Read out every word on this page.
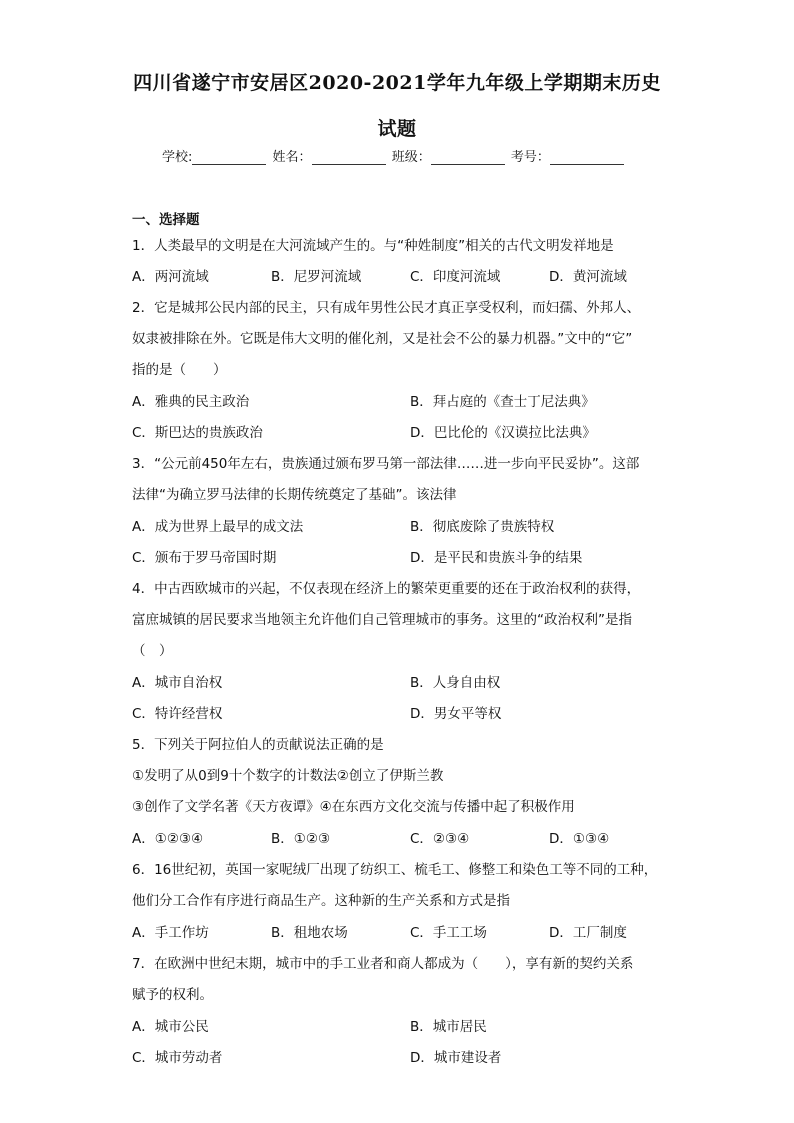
四川省遂宁市安居区2020-2021学年九年级上学期期末历史
试题
学校:	姓名：	班级：	考号：
一、选择题
1．人类最早的文明是在大河流域产生的。与“种姓制度”相关的古代文明发祥地是
A．两河流域	B．尼罗河流域	C．印度河流域	D．黄河流域
2．它是城邦公民内部的民主，只有成年男性公民才真正享受权利，而妇孺、外邦人、
奴隶被排除在外。它既是伟大文明的催化剂，又是社会不公的暴力机器。”文中的“它”
指的是（　　）
A．雅典的民主政治	B．拜占庭的《查士丁尼法典》
C．斯巴达的贵族政治	D．巴比伦的《汉谟拉比法典》
3．“公元前450年左右，贵族通过颁布罗马第一部法律……进一步向平民妥协”。这部
法律“为确立罗马法律的长期传统奠定了基础”。该法律
A．成为世界上最早的成文法	B．彻底废除了贵族特权
C．颁布于罗马帝国时期	D．是平民和贵族斗争的结果
4．中古西欧城市的兴起，不仅表现在经济上的繁荣更重要的还在于政治权利的获得，
富庶城镇的居民要求当地领主允许他们自己管理城市的事务。这里的“政治权利”是指
（　）
A．城市自治权	B．人身自由权
C．特许经营权	D．男女平等权
5．下列关于阿拉伯人的贡献说法正确的是
①发明了从0到9十个数字的计数法②创立了伊斯兰教
③创作了文学名著《天方夜谭》④在东西方文化交流与传播中起了积极作用
A．①②③④	B．①②③	C．②③④	D．①③④
6．16世纪初，英国一家呢绒厂出现了纺织工、梳毛工、修整工和染色工等不同的工种，
他们分工合作有序进行商品生产。这种新的生产关系和方式是指
A．手工作坊	B．租地农场	C．手工工场	D．工厂制度
7．在欧洲中世纪末期，城市中的手工业者和商人都成为（　　），享有新的契约关系
赋予的权利。
A．城市公民	B．城市居民
C．城市劳动者	D．城市建设者
